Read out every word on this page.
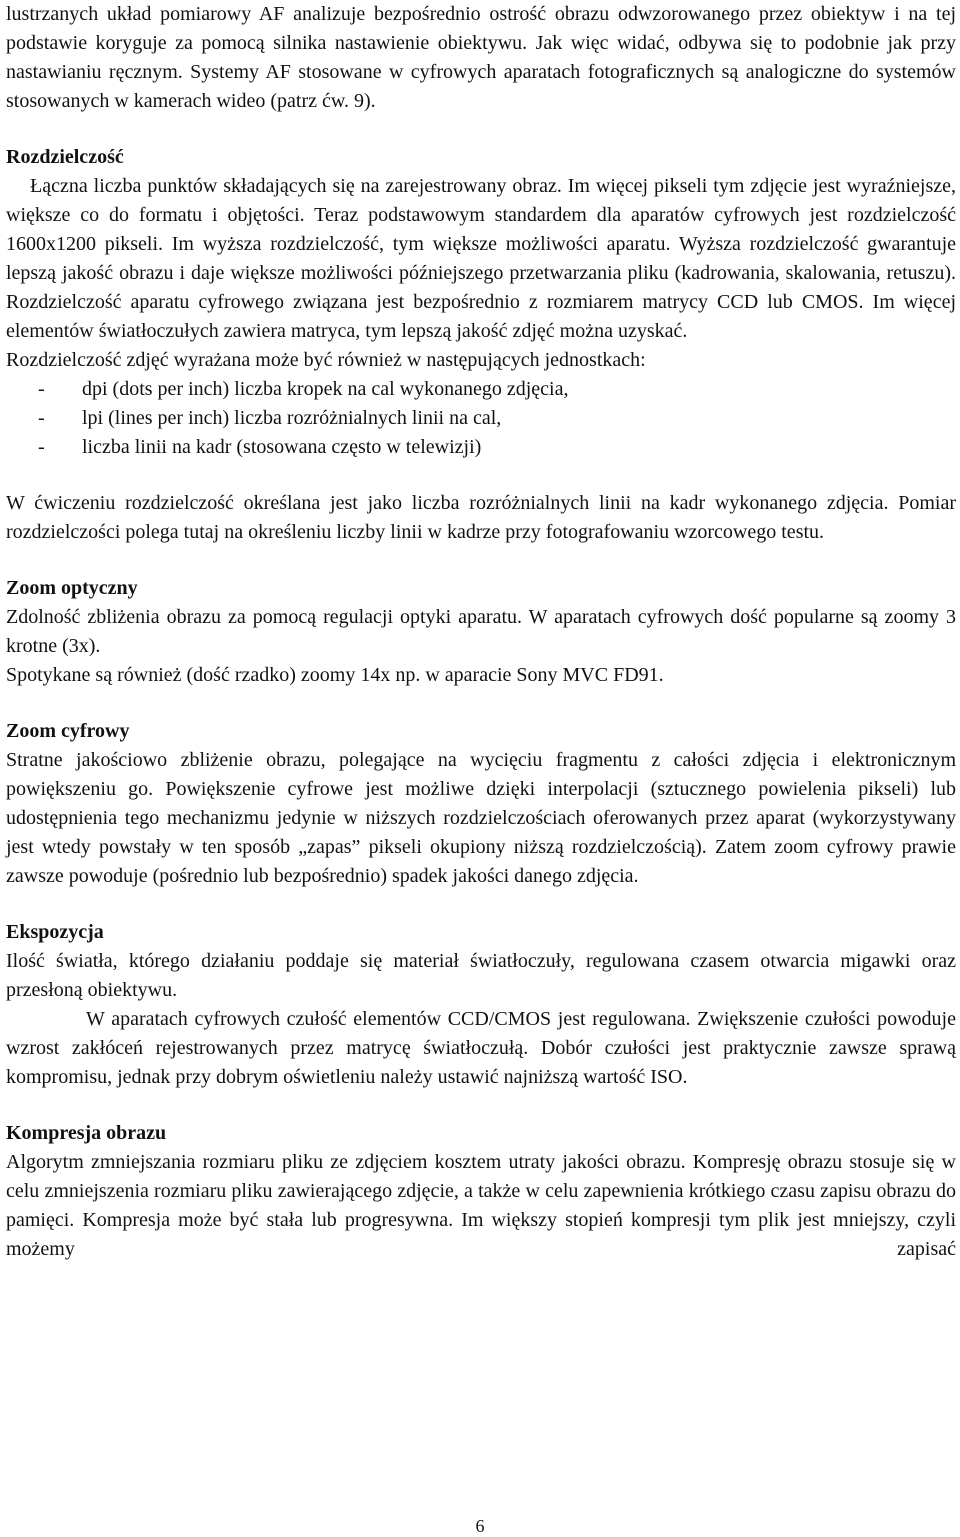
lustrzanych układ pomiarowy AF analizuje bezpośrednio ostrość obrazu odwzorowanego przez obiektyw i na tej podstawie koryguje za pomocą silnika nastawienie obiektywu. Jak więc widać, odbywa się to podobnie jak przy nastawianiu ręcznym. Systemy AF stosowane w cyfrowych aparatach fotograficznych są analogiczne do systemów stosowanych w kamerach wideo (patrz ćw. 9).

Rozdzielczość

Łączna liczba punktów składających się na zarejestrowany obraz. Im więcej pikseli tym zdjęcie jest wyraźniejsze, większe co do formatu i objętości. Teraz podstawowym standardem dla aparatów cyfrowych jest rozdzielczość 1600x1200 pikseli. Im wyższa rozdzielczość, tym większe możliwości aparatu. Wyższa rozdzielczość gwarantuje lepszą jakość obrazu i daje większe możliwości późniejszego przetwarzania pliku (kadrowania, skalowania, retuszu). Rozdzielczość aparatu cyfrowego związana jest bezpośrednio z rozmiarem matrycy CCD lub CMOS. Im więcej elementów światłoczułych zawiera matryca, tym lepszą jakość zdjęć można uzyskać.

Rozdzielczość zdjęć wyrażana może być również w następujących jednostkach:

- dpi (dots per inch) liczba kropek na cal wykonanego zdjęcia,
- lpi (lines per inch) liczba rozróżnialnych linii na cal,
- liczba linii na kadr (stosowana często w telewizji)

W ćwiczeniu rozdzielczość określana jest jako liczba rozróżnialnych linii na kadr wykonanego zdjęcia. Pomiar rozdzielczości polega tutaj na określeniu liczby linii w kadrze przy fotografowaniu wzorcowego testu.

Zoom optyczny

Zdolność zbliżenia obrazu za pomocą regulacji optyki aparatu. W aparatach cyfrowych dość popularne są zoomy 3 krotne (3x).

Spotykane są również (dość rzadko) zoomy 14x np. w aparacie Sony MVC FD91.

Zoom cyfrowy

Stratne jakościowo zbliżenie obrazu, polegające na wycięciu fragmentu z całości zdjęcia i elektronicznym powiększeniu go. Powiększenie cyfrowe jest możliwe dzięki interpolacji (sztucznego powielenia pikseli) lub udostępnienia tego mechanizmu jedynie w niższych rozdzielczościach oferowanych przez aparat (wykorzystywany jest wtedy powstały w ten sposób „zapas” pikseli okupiony niższą rozdzielczością). Zatem zoom cyfrowy prawie zawsze powoduje (pośrednio lub bezpośrednio) spadek jakości danego zdjęcia.

Ekspozycja

Ilość światła, którego działaniu poddaje się materiał światłoczuły, regulowana czasem otwarcia migawki oraz przesłoną obiektywu.

W aparatach cyfrowych czułość elementów CCD/CMOS jest regulowana. Zwiększenie czułości powoduje wzrost zakłóceń rejestrowanych przez matrycę światłoczułą. Dobór czułości jest praktycznie zawsze sprawą kompromisu, jednak przy dobrym oświetleniu należy ustawić najniższą wartość ISO.

Kompresja obrazu

Algorytm zmniejszania rozmiaru pliku ze zdjęciem kosztem utraty jakości obrazu. Kompresję obrazu stosuje się w celu zmniejszenia rozmiaru pliku zawierającego zdjęcie, a także w celu zapewnienia krótkiego czasu zapisu obrazu do pamięci. Kompresja może być stała lub progresywna. Im większy stopień kompresji tym plik jest mniejszy, czyli możemy zapisać

6
